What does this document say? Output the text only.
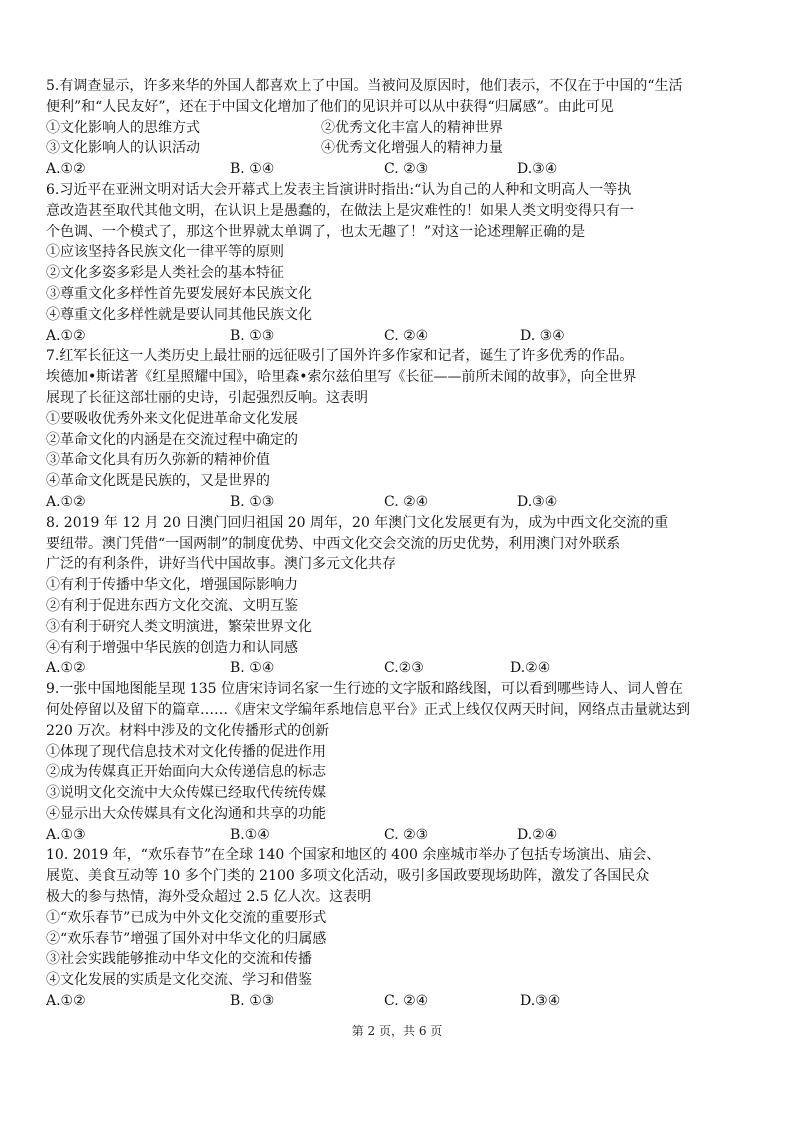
5.有调查显示，许多来华的外国人都喜欢上了中国。当被问及原因时，他们表示，不仅在于中国的“生活
便利”和“人民友好”，还在于中国文化增加了他们的见识并可以从中获得“归属感”。由此可见
①文化影响人的思维方式	②优秀文化丰富人的精神世界
③文化影响人的认识活动	④优秀文化增强人的精神力量
A.①②	B. ①④	C. ②③	D.③④
6.习近平在亚洲文明对话大会开幕式上发表主旨演讲时指出:“认为自己的人种和文明高人一等执
意改造甚至取代其他文明，在认识上是愚蠢的，在做法上是灾难性的！如果人类文明变得只有一
个色调、一个模式了，那这个世界就太单调了，也太无趣了！”对这一论述理解正确的是
①应该坚持各民族文化一律平等的原则
②文化多姿多彩是人类社会的基本特征
③尊重文化多样性首先要发展好本民族文化
④尊重文化多样性就是要认同其他民族文化
A.①②	B. ①③	C. ②④	D. ③④
7.红军长征这一人类历史上最壮丽的远征吸引了国外许多作家和记者，诞生了许多优秀的作品。
埃德加•斯诺著《红星照耀中国》，哈里森•索尔兹伯里写《长征——前所未闻的故事》，向全世界
展现了长征这部壮丽的史诗，引起强烈反响。这表明
①要吸收优秀外来文化促进革命文化发展
②革命文化的内涵是在交流过程中确定的
③革命文化具有历久弥新的精神价值
④革命文化既是民族的，又是世界的
A.①②	B. ①③	C. ②④	D.③④
8. 2019 年 12 月 20 日澳门回归祖国 20 周年，20 年澳门文化发展更有为，成为中西文化交流的重
要纽带。澳门凭借“一国两制”的制度优势、中西文化交会交流的历史优势，利用澳门对外联系
广泛的有利条件，讲好当代中国故事。澳门多元文化共存
①有利于传播中华文化，增强国际影响力
②有利于促进东西方文化交流、文明互鉴
③有利于研究人类文明演进，繁荣世界文化
④有利于增强中华民族的创造力和认同感
A.①②	B. ①④	C.②③	D.②④
9.一张中国地图能呈现 135 位唐宋诗词名家一生行迹的文字版和路线图，可以看到哪些诗人、词人曾在
何处停留以及留下的篇章……《唐宋文学编年系地信息平台》正式上线仅仅两天时间，网络点击量就达到
220 万次。材料中涉及的文化传播形式的创新
①体现了现代信息技术对文化传播的促进作用
②成为传媒真正开始面向大众传递信息的标志
③说明文化交流中大众传媒已经取代传统传媒
④显示出大众传媒具有文化沟通和共享的功能
A.①③	B.①④	C. ②③	D.②④
10. 2019 年，“欢乐春节”在全球 140 个国家和地区的 400 余座城市举办了包括专场演出、庙会、
展览、美食互动等 10 多个门类的 2100 多项文化活动，吸引多国政要现场助阵，激发了各国民众
极大的参与热情，海外受众超过 2.5 亿人次。这表明
①“欢乐春节”已成为中外文化交流的重要形式
②“欢乐春节”增强了国外对中华文化的归属感
③社会实践能够推动中华文化的交流和传播
④文化发展的实质是文化交流、学习和借鉴
A.①②	B. ①③	C. ②④	D.③④
第 2 页，共 6 页
